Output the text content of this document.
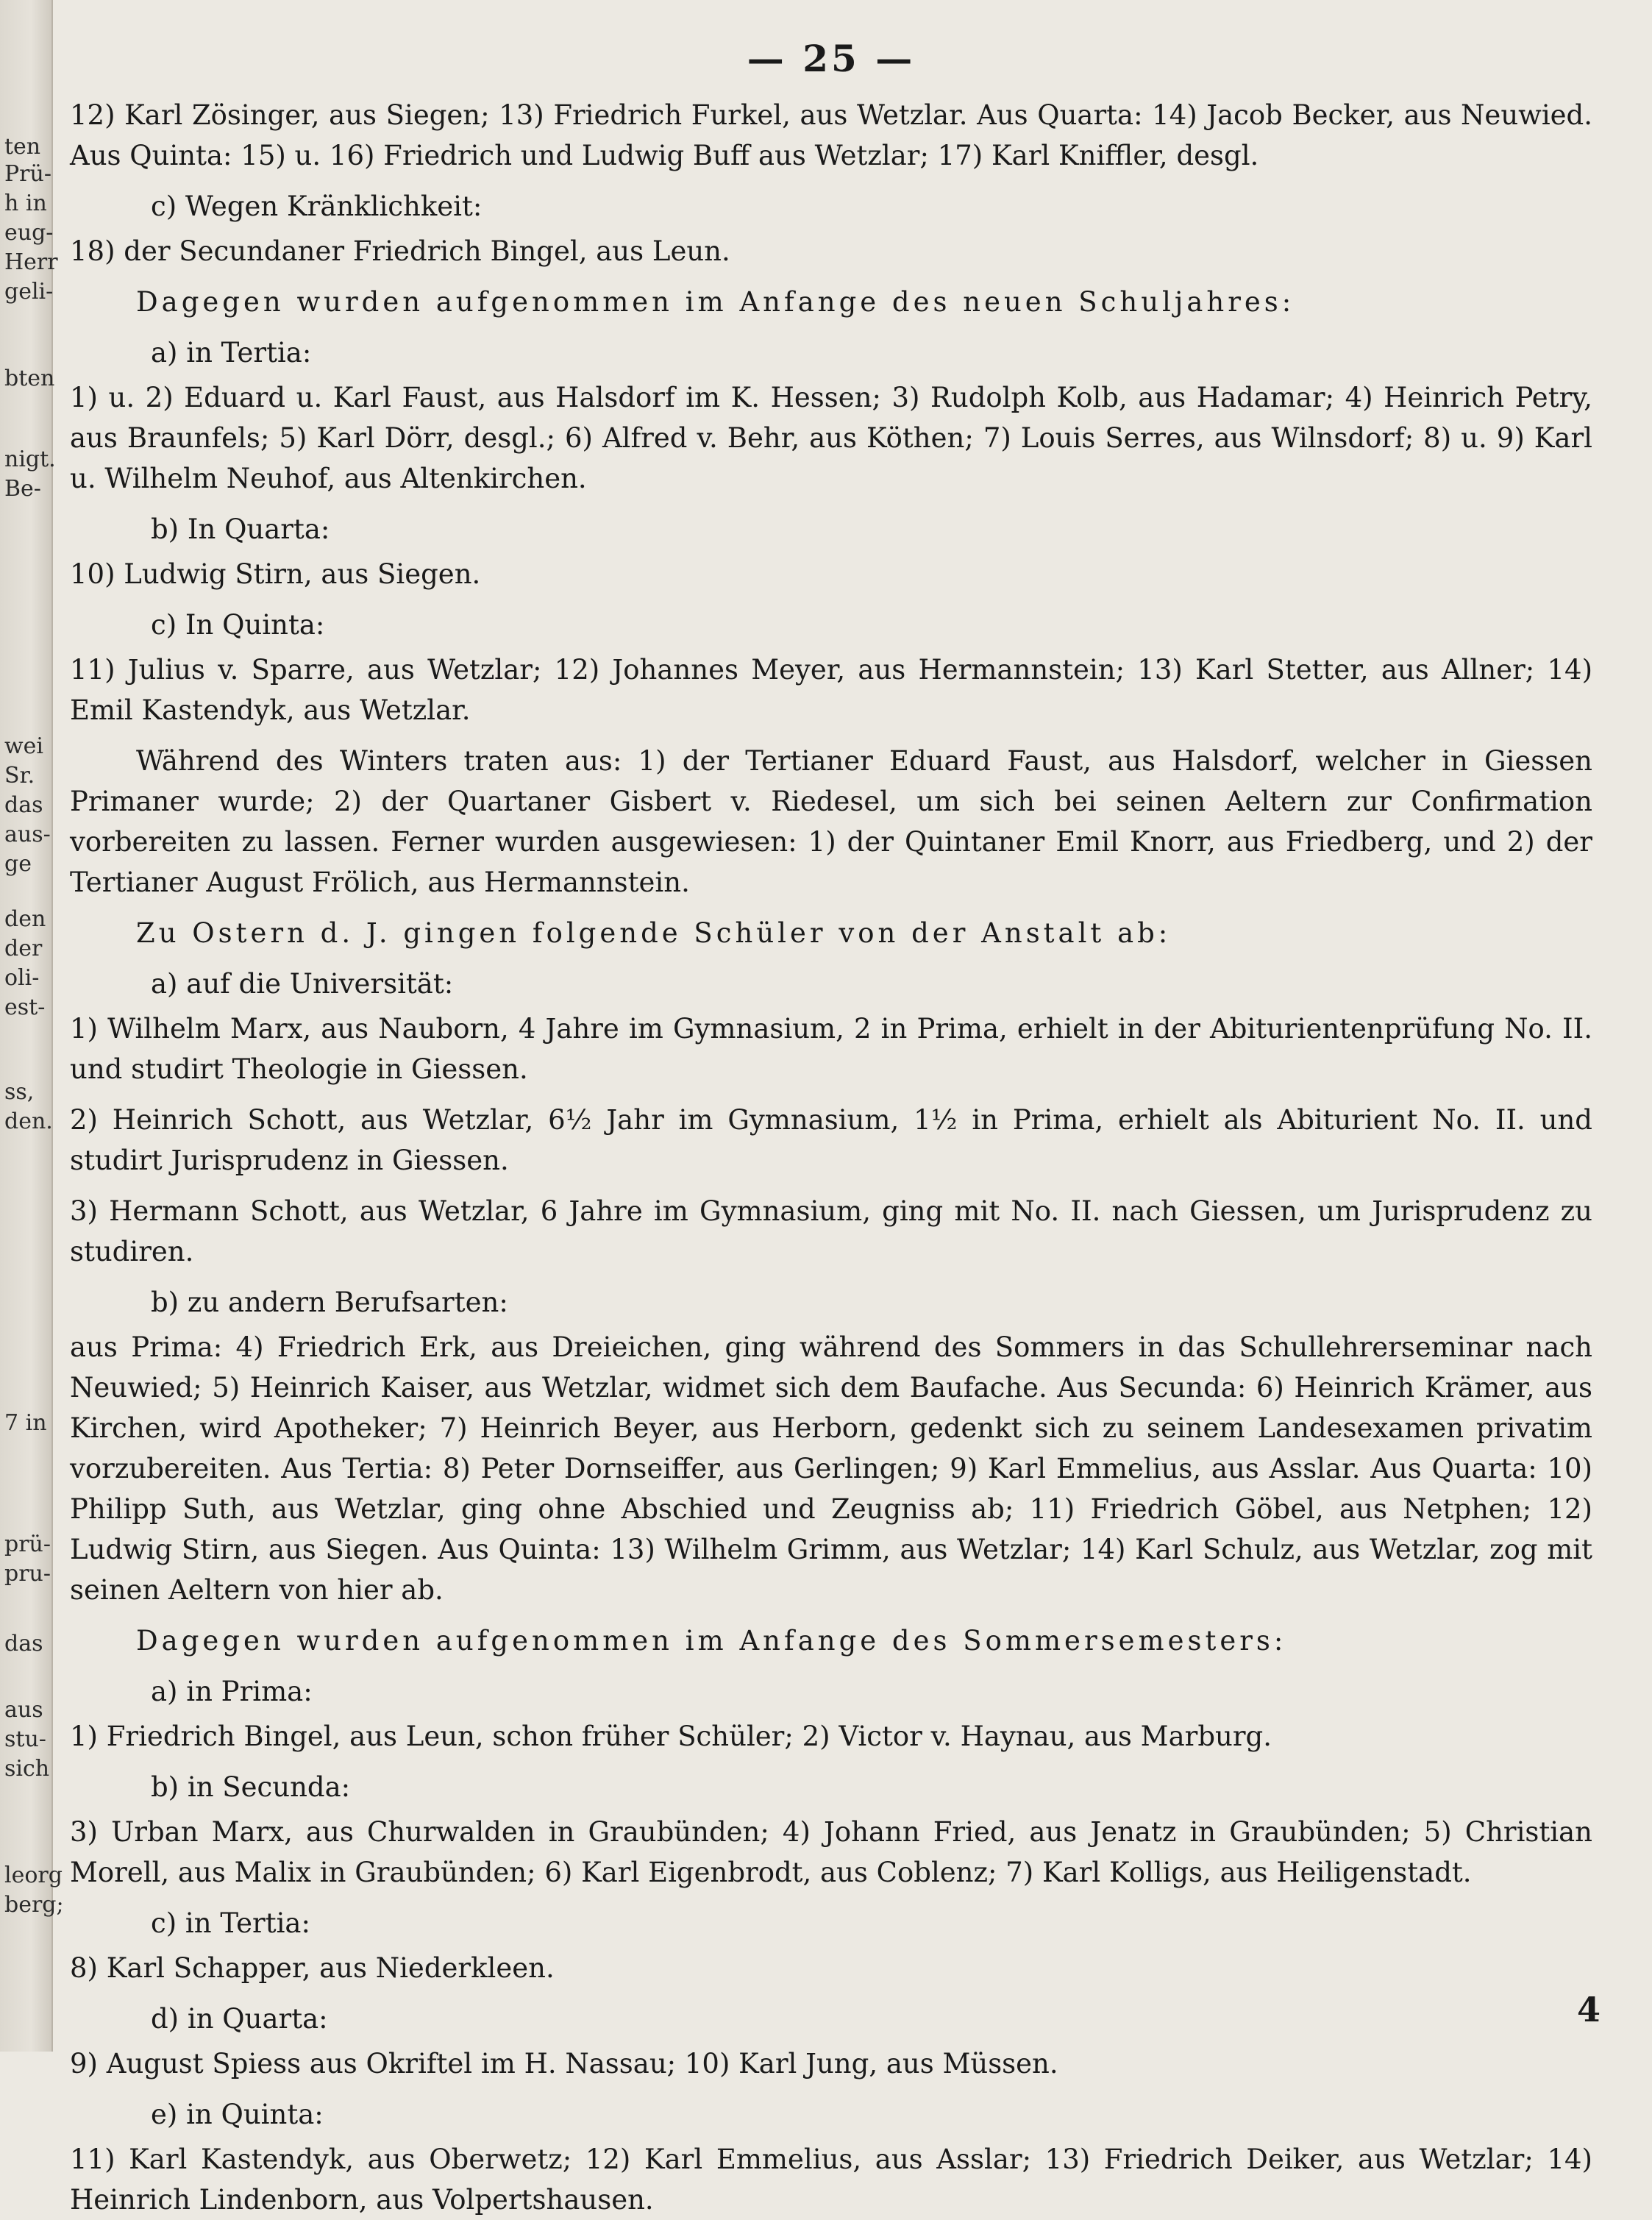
ten
Prü-
h in
eug-
Herr
geli-
bten
nigt.
Be-
wei
Sr.
das
aus-
ge
den
der
oli-
est-
ss,
den.
7 in
prü-
pru-
das
aus
stu-
sich
leorg
berg;
— 25 —

12) Karl Zösinger, aus Siegen; 13) Friedrich Furkel, aus Wetzlar. Aus Quarta: 14) Jacob Becker, aus Neuwied. Aus Quinta: 15) u. 16) Friedrich und Ludwig Buff aus Wetzlar; 17) Karl Kniffler, desgl.

c) Wegen Kränklichkeit:

18) der Secundaner Friedrich Bingel, aus Leun.

Dagegen wurden aufgenommen im Anfange des neuen Schuljahres:

a) in Tertia:

1) u. 2) Eduard u. Karl Faust, aus Halsdorf im K. Hessen; 3) Rudolph Kolb, aus Hadamar; 4) Heinrich Petry, aus Braunfels; 5) Karl Dörr, desgl.; 6) Alfred v. Behr, aus Köthen; 7) Louis Serres, aus Wilnsdorf; 8) u. 9) Karl u. Wilhelm Neuhof, aus Altenkirchen.

b) In Quarta:

10) Ludwig Stirn, aus Siegen.

c) In Quinta:

11) Julius v. Sparre, aus Wetzlar; 12) Johannes Meyer, aus Hermannstein; 13) Karl Stetter, aus Allner; 14) Emil Kastendyk, aus Wetzlar.

Während des Winters traten aus: 1) der Tertianer Eduard Faust, aus Halsdorf, welcher in Giessen Primaner wurde; 2) der Quartaner Gisbert v. Riedesel, um sich bei seinen Aeltern zur Confirmation vorbereiten zu lassen. Ferner wurden ausgewiesen: 1) der Quintaner Emil Knorr, aus Friedberg, und 2) der Tertianer August Frölich, aus Hermannstein.

Zu Ostern d. J. gingen folgende Schüler von der Anstalt ab:

a) auf die Universität:

1) Wilhelm Marx, aus Nauborn, 4 Jahre im Gymnasium, 2 in Prima, erhielt in der Abiturientenprüfung No. II. und studirt Theologie in Giessen.

2) Heinrich Schott, aus Wetzlar, 6½ Jahr im Gymnasium, 1½ in Prima, erhielt als Abiturient No. II. und studirt Jurisprudenz in Giessen.

3) Hermann Schott, aus Wetzlar, 6 Jahre im Gymnasium, ging mit No. II. nach Giessen, um Jurisprudenz zu studiren.

b) zu andern Berufsarten:

aus Prima: 4) Friedrich Erk, aus Dreieichen, ging während des Sommers in das Schullehrerseminar nach Neuwied; 5) Heinrich Kaiser, aus Wetzlar, widmet sich dem Baufache. Aus Secunda: 6) Heinrich Krämer, aus Kirchen, wird Apotheker; 7) Heinrich Beyer, aus Herborn, gedenkt sich zu seinem Landesexamen privatim vorzubereiten. Aus Tertia: 8) Peter Dornseiffer, aus Gerlingen; 9) Karl Emmelius, aus Asslar. Aus Quarta: 10) Philipp Suth, aus Wetzlar, ging ohne Abschied und Zeugniss ab; 11) Friedrich Göbel, aus Netphen; 12) Ludwig Stirn, aus Siegen. Aus Quinta: 13) Wilhelm Grimm, aus Wetzlar; 14) Karl Schulz, aus Wetzlar, zog mit seinen Aeltern von hier ab.

Dagegen wurden aufgenommen im Anfange des Sommersemesters:

a) in Prima:

1) Friedrich Bingel, aus Leun, schon früher Schüler; 2) Victor v. Haynau, aus Marburg.

b) in Secunda:

3) Urban Marx, aus Churwalden in Graubünden; 4) Johann Fried, aus Jenatz in Graubünden; 5) Christian Morell, aus Malix in Graubünden; 6) Karl Eigenbrodt, aus Coblenz; 7) Karl Kolligs, aus Heiligenstadt.

c) in Tertia:

8) Karl Schapper, aus Niederkleen.

d) in Quarta:

9) August Spiess aus Okriftel im H. Nassau; 10) Karl Jung, aus Müssen.

e) in Quinta:

11) Karl Kastendyk, aus Oberwetz; 12) Karl Emmelius, aus Asslar; 13) Friedrich Deiker, aus Wetzlar; 14) Heinrich Lindenborn, aus Volpertshausen.

4
